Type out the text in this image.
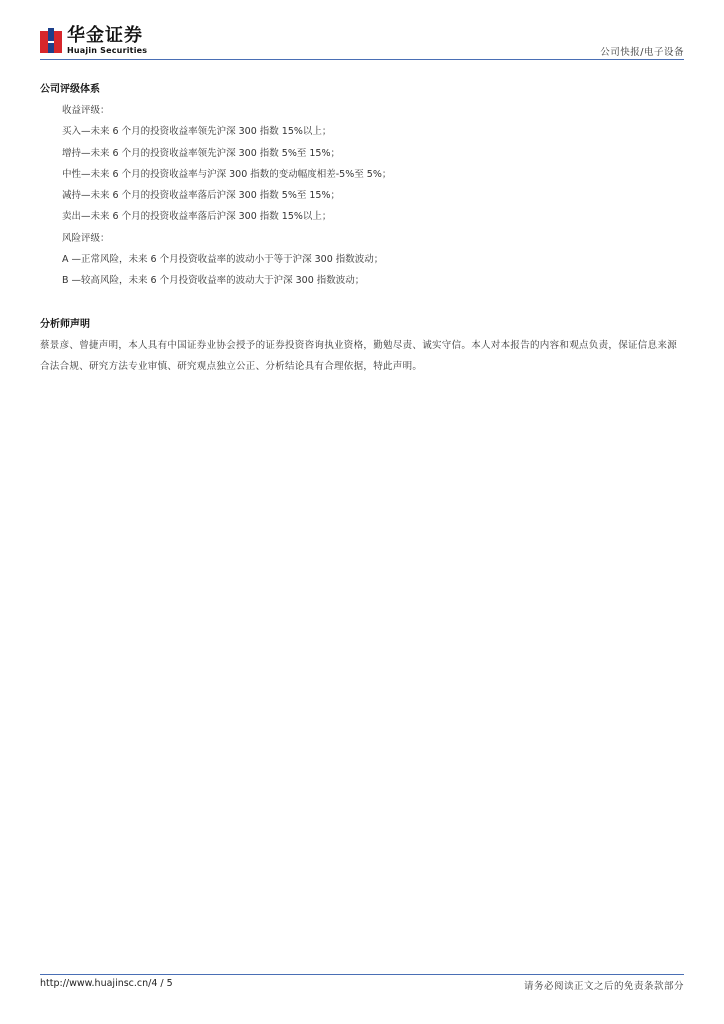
华金证券
Huajin Securities	公司快报/电子设备
公司评级体系
收益评级：
买入—未来 6 个月的投资收益率领先沪深 300 指数 15%以上；
增持—未来 6 个月的投资收益率领先沪深 300 指数 5%至 15%；
中性—未来 6 个月的投资收益率与沪深 300 指数的变动幅度相差-5%至 5%；
减持—未来 6 个月的投资收益率落后沪深 300 指数 5%至 15%；
卖出—未来 6 个月的投资收益率落后沪深 300 指数 15%以上；
风险评级：
A —正常风险，未来 6 个月投资收益率的波动小于等于沪深 300 指数波动；
B —较高风险，未来 6 个月投资收益率的波动大于沪深 300 指数波动；
分析师声明

蔡景彦、曾捷声明，本人具有中国证券业协会授予的证券投资咨询执业资格，勤勉尽责、诚实守信。本人对本报告的内容和观点负责，保证信息来源合法合规、研究方法专业审慎、研究观点独立公正、分析结论具有合理依据，特此声明。

http://www.huajinsc.cn/4 / 5	请务必阅读正文之后的免责条款部分
